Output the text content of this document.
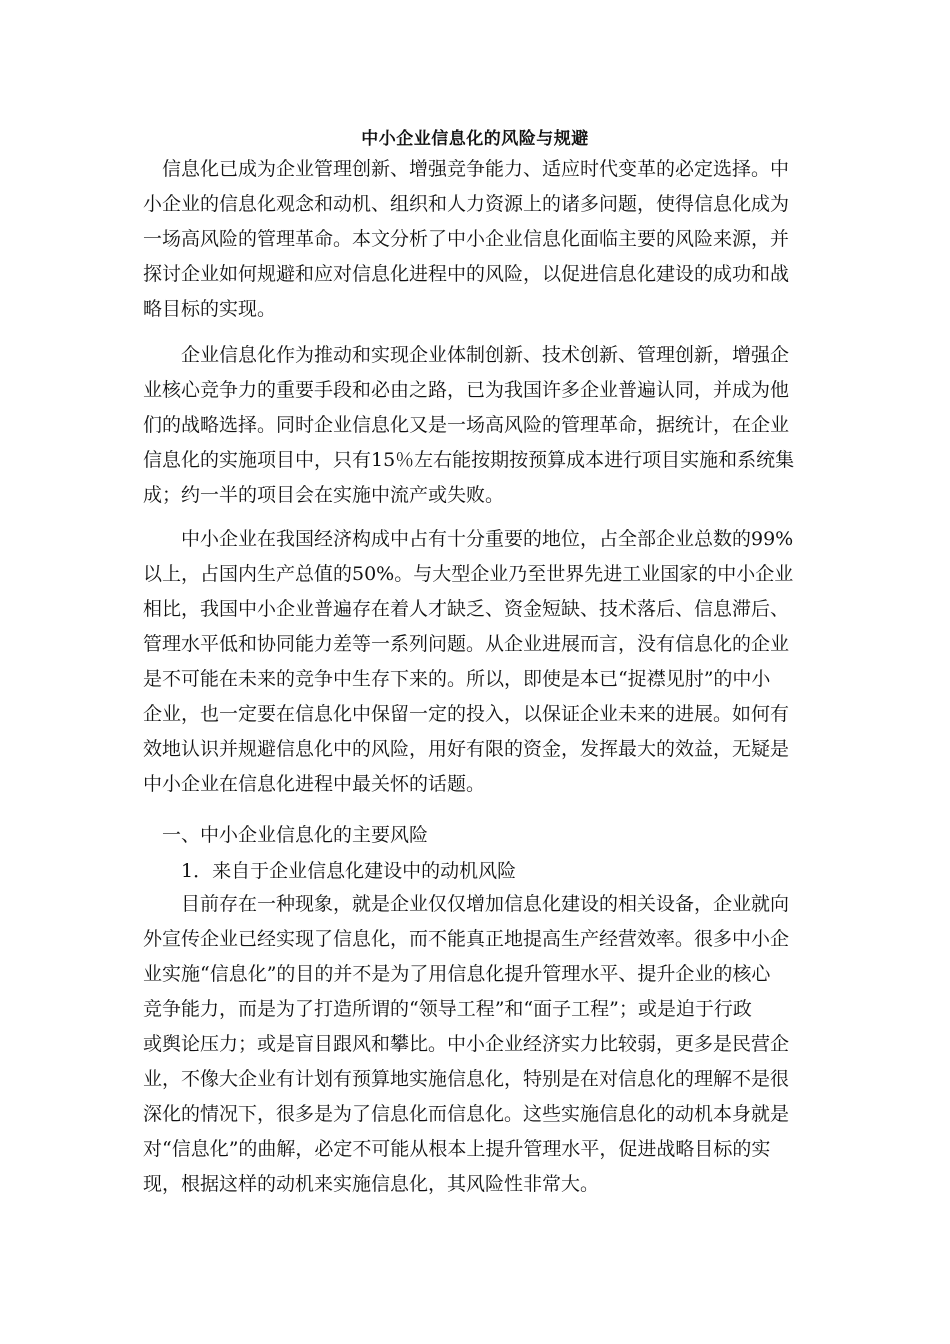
中小企业信息化的风险与规避

　信息化已成为企业管理创新、增强竞争能力、适应时代变革的必定选择。中

小企业的信息化观念和动机、组织和人力资源上的诸多问题，使得信息化成为

一场高风险的管理革命。本文分析了中小企业信息化面临主要的风险来源，并

探讨企业如何规避和应对信息化进程中的风险，以促进信息化建设的成功和战

略目标的实现。

　　企业信息化作为推动和实现企业体制创新、技术创新、管理创新，增强企

业核心竞争力的重要手段和必由之路，已为我国许多企业普遍认同，并成为他

们的战略选择。同时企业信息化又是一场高风险的管理革命，据统计，在企业

信息化的实施项目中，只有15％左右能按期按预算成本进行项目实施和系统集

成；约一半的项目会在实施中流产或失败。

　　中小企业在我国经济构成中占有十分重要的地位，占全部企业总数的99%

以上，占国内生产总值的50%。与大型企业乃至世界先进工业国家的中小企业

相比，我国中小企业普遍存在着人才缺乏、资金短缺、技术落后、信息滞后、

管理水平低和协同能力差等一系列问题。从企业进展而言，没有信息化的企业

是不可能在未来的竞争中生存下来的。所以，即使是本已“捉襟见肘”的中小

企业，也一定要在信息化中保留一定的投入，以保证企业未来的进展。如何有

效地认识并规避信息化中的风险，用好有限的资金，发挥最大的效益，无疑是

中小企业在信息化进程中最关怀的话题。

一、中小企业信息化的主要风险
1．来自于企业信息化建设中的动机风险

　　目前存在一种现象，就是企业仅仅增加信息化建设的相关设备，企业就向

外宣传企业已经实现了信息化，而不能真正地提高生产经营效率。很多中小企

业实施“信息化”的目的并不是为了用信息化提升管理水平、提升企业的核心

竞争能力，而是为了打造所谓的“领导工程”和“面子工程”；或是迫于行政

或舆论压力；或是盲目跟风和攀比。中小企业经济实力比较弱，更多是民营企

业，不像大企业有计划有预算地实施信息化，特别是在对信息化的理解不是很

深化的情况下，很多是为了信息化而信息化。这些实施信息化的动机本身就是

对“信息化”的曲解，必定不可能从根本上提升管理水平，促进战略目标的实

现，根据这样的动机来实施信息化，其风险性非常大。
